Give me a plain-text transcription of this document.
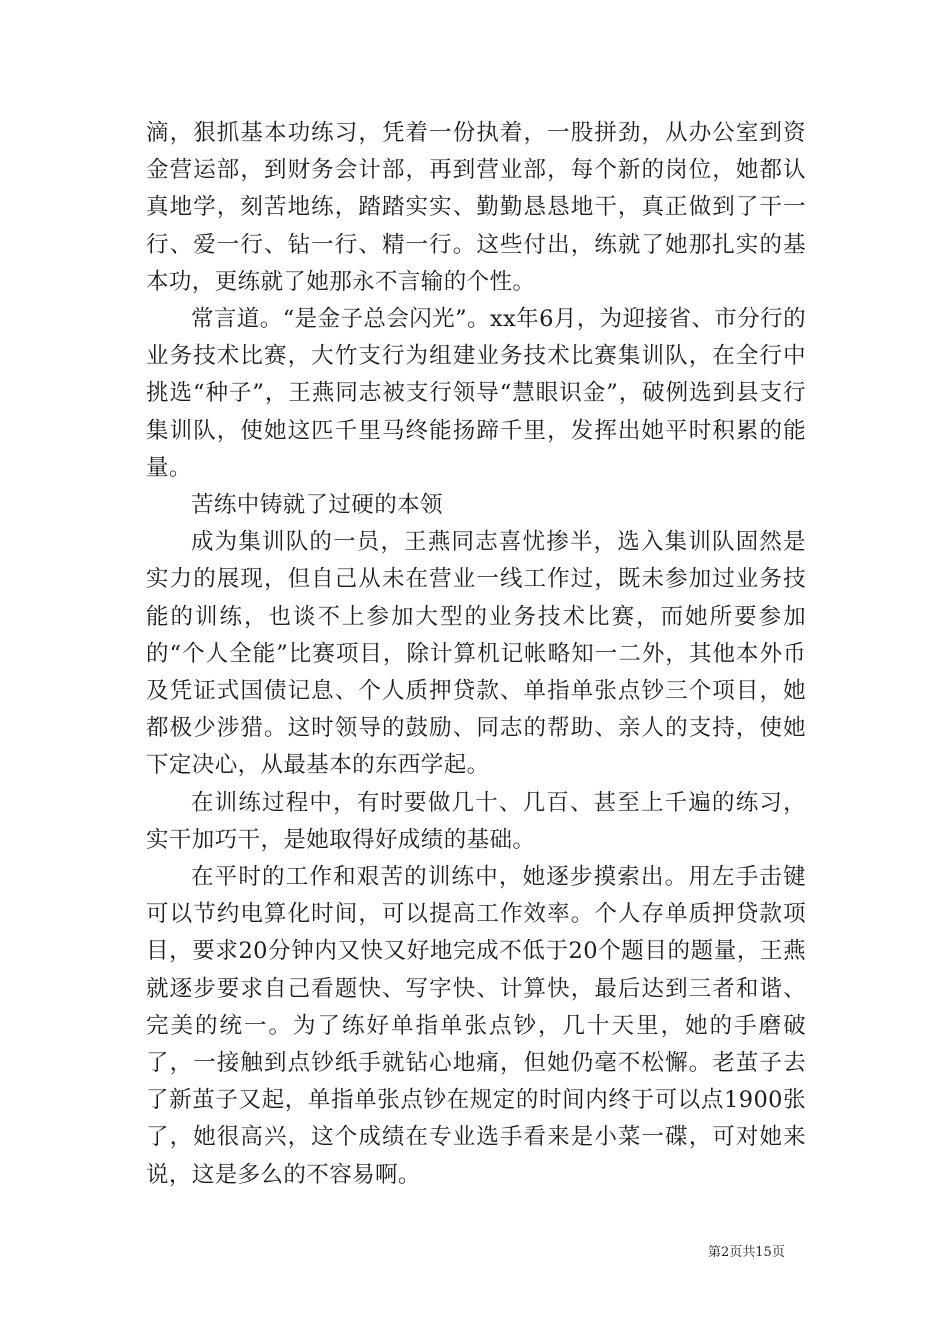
滴，狠抓基本功练习，凭着一份执着，一股拼劲，从办公室到资金营运部，到财务会计部，再到营业部，每个新的岗位，她都认真地学，刻苦地练，踏踏实实、勤勤恳恳地干，真正做到了干一行、爱一行、钻一行、精一行。这些付出，练就了她那扎实的基本功，更练就了她那永不言输的个性。

常言道。“是金子总会闪光”。xx年6月，为迎接省、市分行的业务技术比赛，大竹支行为组建业务技术比赛集训队，在全行中挑选“种子”，王燕同志被支行领导“慧眼识金”，破例选到县支行集训队，使她这匹千里马终能扬蹄千里，发挥出她平时积累的能量。

苦练中铸就了过硬的本领

成为集训队的一员，王燕同志喜忧掺半，选入集训队固然是实力的展现，但自己从未在营业一线工作过，既未参加过业务技能的训练，也谈不上参加大型的业务技术比赛，而她所要参加的“个人全能”比赛项目，除计算机记帐略知一二外，其他本外币及凭证式国债记息、个人质押贷款、单指单张点钞三个项目，她都极少涉猎。这时领导的鼓励、同志的帮助、亲人的支持，使她下定决心，从最基本的东西学起。

在训练过程中，有时要做几十、几百、甚至上千遍的练习，实干加巧干，是她取得好成绩的基础。

在平时的工作和艰苦的训练中，她逐步摸索出。用左手击键可以节约电算化时间，可以提高工作效率。个人存单质押贷款项目，要求20分钟内又快又好地完成不低于20个题目的题量，王燕就逐步要求自己看题快、写字快、计算快，最后达到三者和谐、完美的统一。为了练好单指单张点钞，几十天里，她的手磨破了，一接触到点钞纸手就钻心地痛，但她仍毫不松懈。老茧子去了新茧子又起，单指单张点钞在规定的时间内终于可以点1900张了，她很高兴，这个成绩在专业选手看来是小菜一碟，可对她来说，这是多么的不容易啊。

第2页共15页
